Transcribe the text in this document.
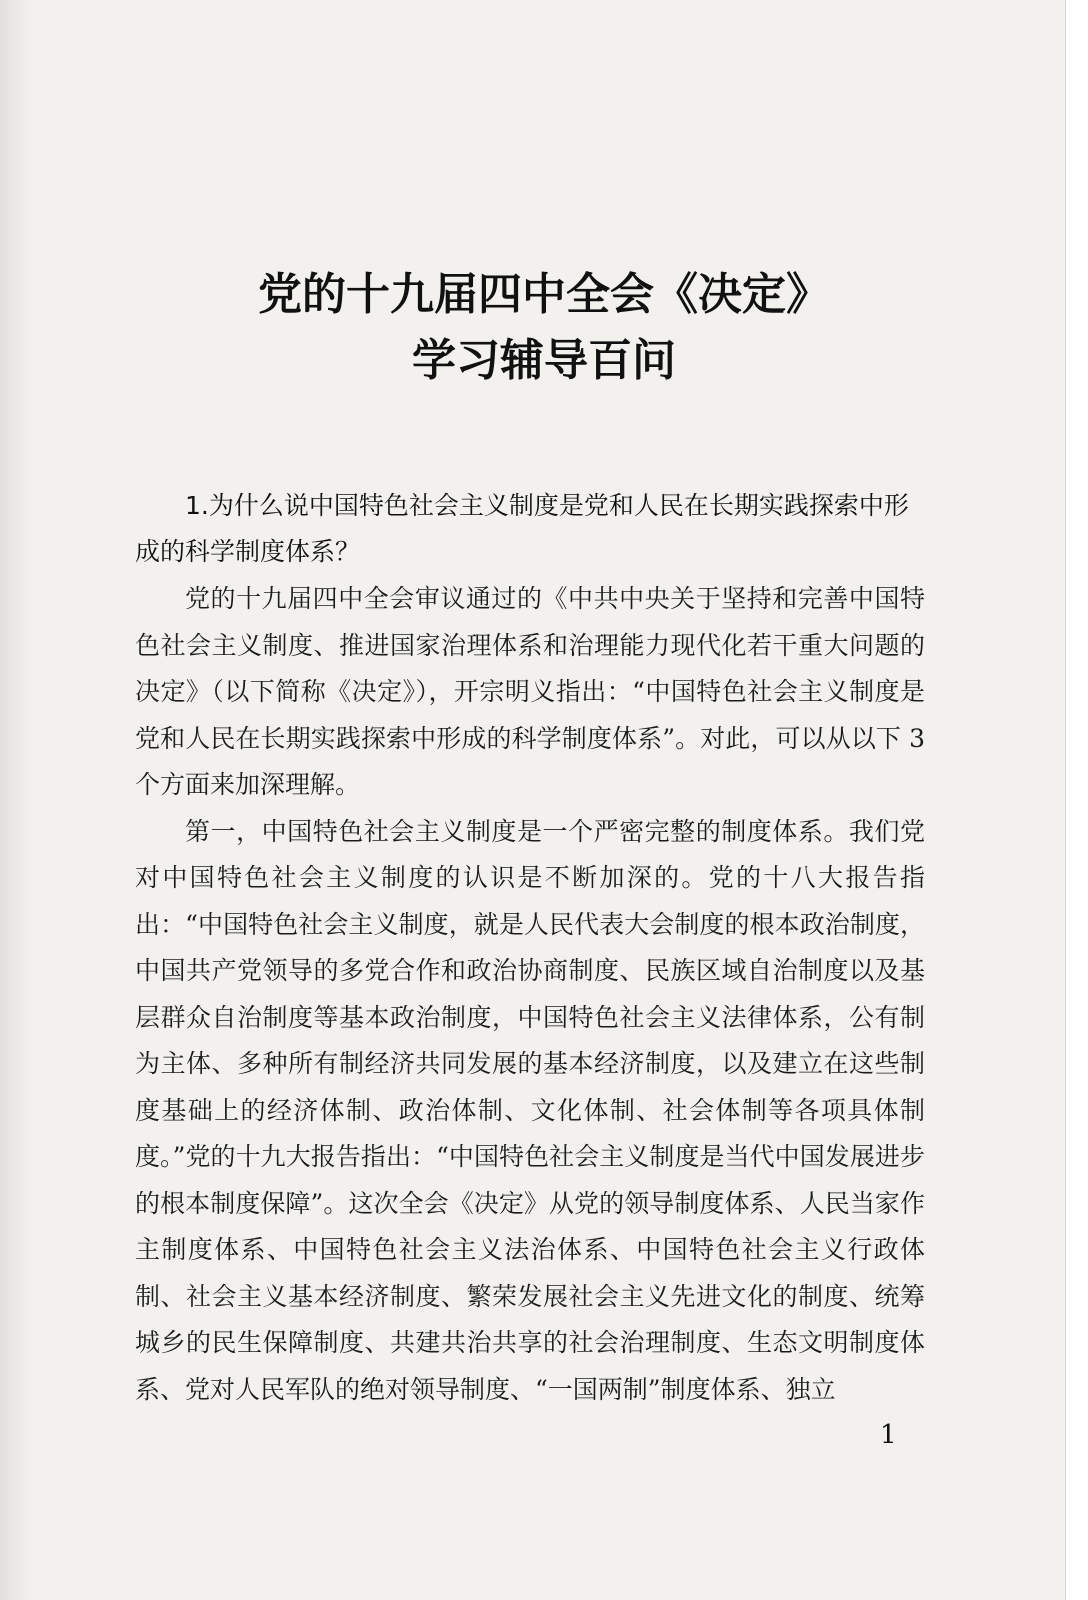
党的十九届四中全会《决定》
学习辅导百问

1.为什么说中国特色社会主义制度是党和人民在长期实践探索中形成的科学制度体系？

党的十九届四中全会审议通过的《中共中央关于坚持和完善中国特色社会主义制度、推进国家治理体系和治理能力现代化若干重大问题的决定》（以下简称《决定》），开宗明义指出：“中国特色社会主义制度是党和人民在长期实践探索中形成的科学制度体系”。对此，可以从以下 3 个方面来加深理解。

第一，中国特色社会主义制度是一个严密完整的制度体系。我们党对中国特色社会主义制度的认识是不断加深的。党的十八大报告指出：“中国特色社会主义制度，就是人民代表大会制度的根本政治制度，中国共产党领导的多党合作和政治协商制度、民族区域自治制度以及基层群众自治制度等基本政治制度，中国特色社会主义法律体系，公有制为主体、多种所有制经济共同发展的基本经济制度，以及建立在这些制度基础上的经济体制、政治体制、文化体制、社会体制等各项具体制度。”党的十九大报告指出：“中国特色社会主义制度是当代中国发展进步的根本制度保障”。这次全会《决定》从党的领导制度体系、人民当家作主制度体系、中国特色社会主义法治体系、中国特色社会主义行政体制、社会主义基本经济制度、繁荣发展社会主义先进文化的制度、统筹城乡的民生保障制度、共建共治共享的社会治理制度、生态文明制度体系、党对人民军队的绝对领导制度、“一国两制”制度体系、独立

1
